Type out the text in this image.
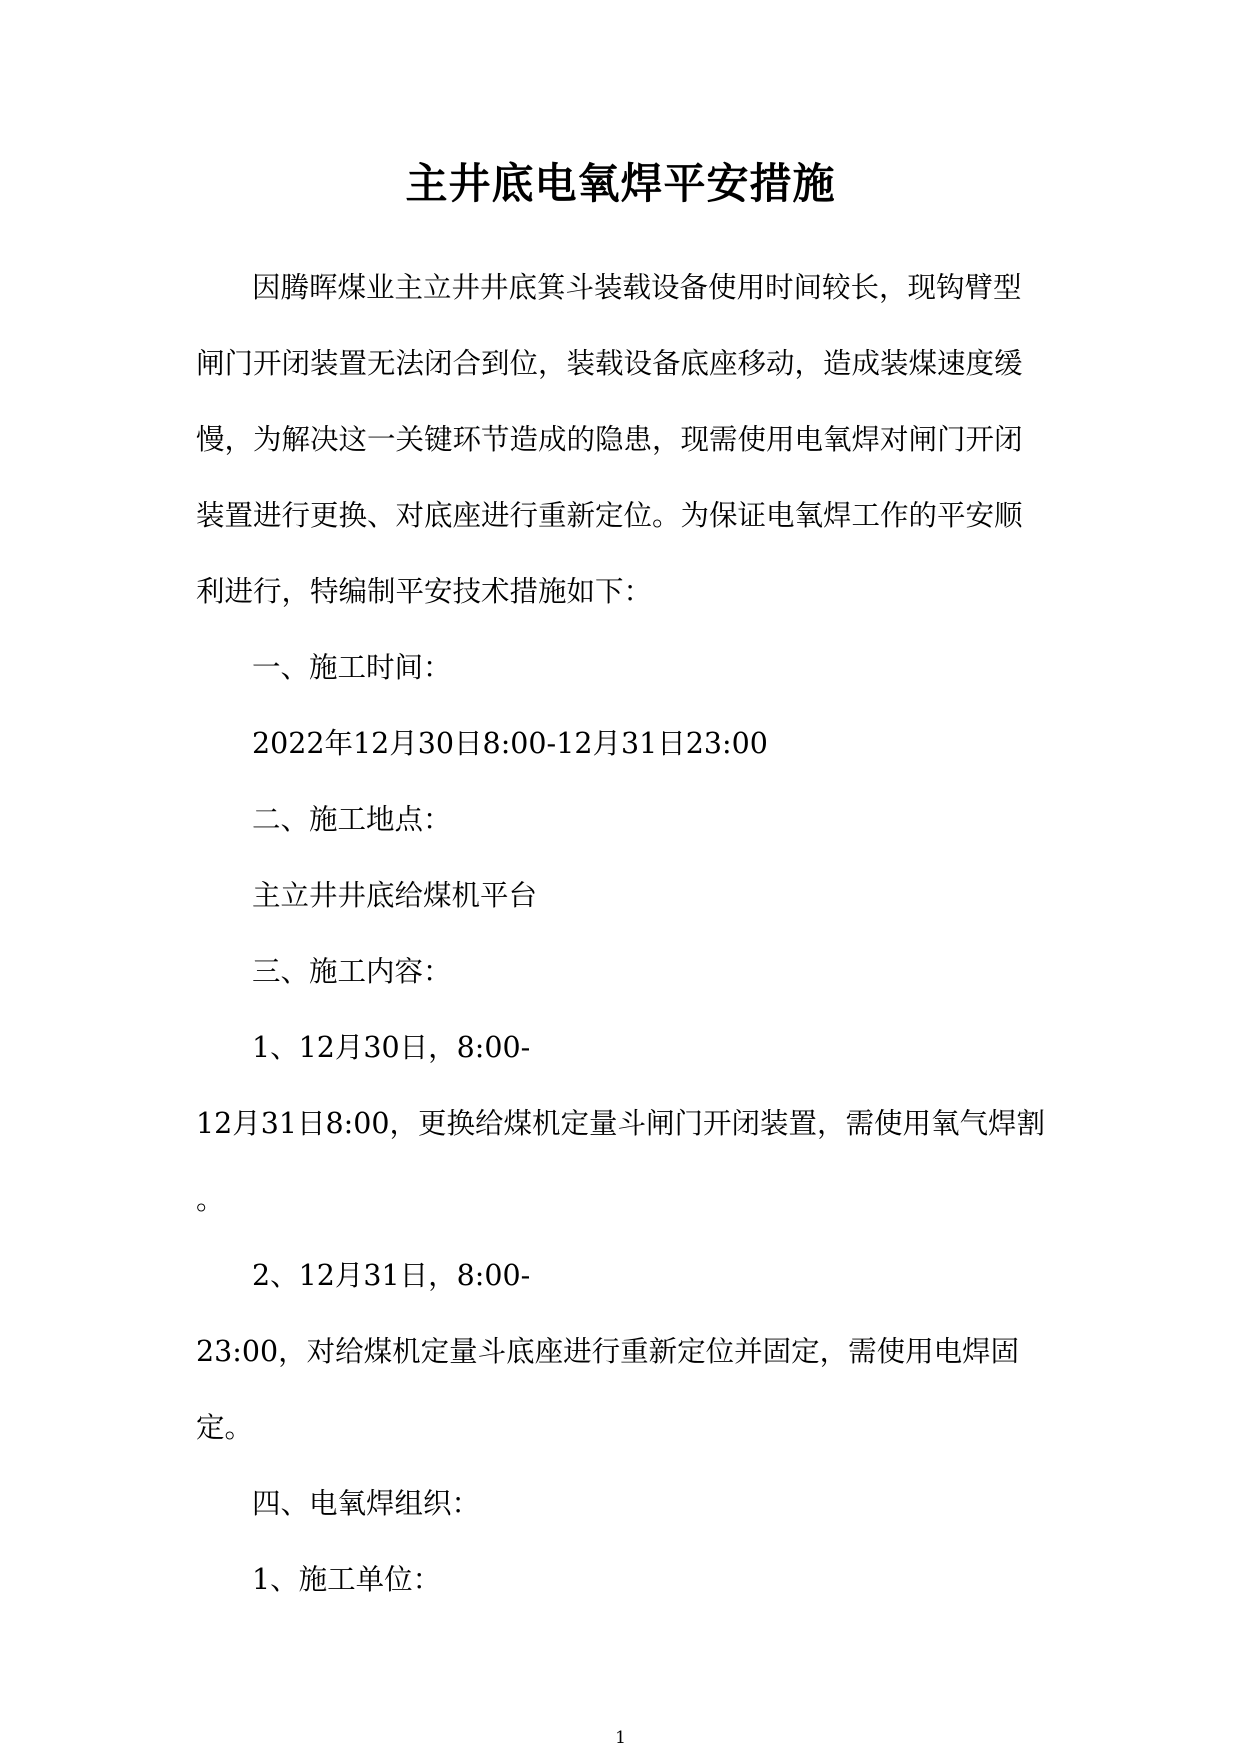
主井底电氧焊平安措施
因腾晖煤业主立井井底箕斗装载设备使用时间较长，现钩臂型
闸门开闭装置无法闭合到位，装载设备底座移动，造成装煤速度缓
慢，为解决这一关键环节造成的隐患，现需使用电氧焊对闸门开闭
装置进行更换、对底座进行重新定位。为保证电氧焊工作的平安顺
利进行，特编制平安技术措施如下：
一、施工时间：
2022年12月30日8:00-12月31日23:00
二、施工地点：
主立井井底给煤机平台
三、施工内容：
1、12月30日，8:00-
12月31日8:00，更换给煤机定量斗闸门开闭装置，需使用氧气焊割
。
2、12月31日，8:00-
23:00，对给煤机定量斗底座进行重新定位并固定，需使用电焊固
定。
四、电氧焊组织：
1、施工单位：
1
